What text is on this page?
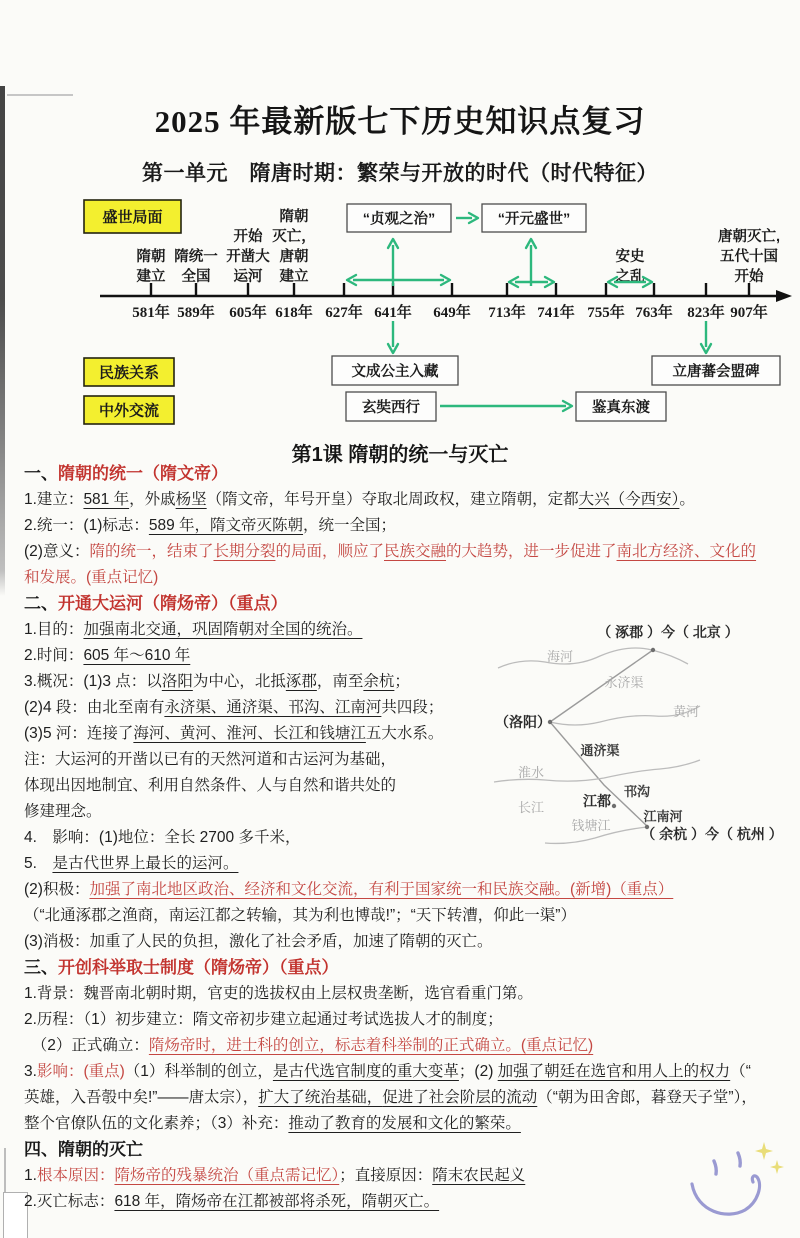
2025 年最新版七下历史知识点复习
第一单元　隋唐时期：繁荣与开放的时代（时代特征）
581年
隋朝
建立
589年
隋统一
全国
605年
开始
开凿大
运河
618年
隋朝
灭亡，
唐朝
建立
627年 641年 649年 713年 741年 755年 763年 823年 907年
安史
之乱
唐朝灭亡,
五代十国
开始
盛世局面
民族关系
中外交流
“贞观之治”	“开元盛世”
文成公主入藏	立唐蕃会盟碑
玄奘西行	鉴真东渡
第1课 隋朝的统一与灭亡
（ 涿郡 ）今（ 北京 ）
（洛阳）
江都
（ 余杭 ）今（ 杭州 ）
通济渠
邗沟
江南河
海河
永济渠
黄河
淮水
长江
钱塘江
一、隋朝的统一（隋文帝）
1.建立：581 年，外戚杨坚（隋文帝，年号开皇）夺取北周政权，建立隋朝，定都大兴（今西安）。
2.统一：(1)标志：589 年，隋文帝灭陈朝，统一全国；
(2)意义：隋的统一，结束了长期分裂的局面，顺应了民族交融的大趋势，进一步促进了南北方经济、文化的
和发展。(重点记忆)
二、开通大运河（隋炀帝）（重点）
1.目的：加强南北交通，巩固隋朝对全国的统治。
2.时间：605 年～610 年
3.概况：(1)3 点：以洛阳为中心，北抵涿郡，南至余杭；
(2)4 段：由北至南有永济渠、通济渠、邗沟、江南河共四段；
(3)5 河：连接了海河、黄河、淮河、长江和钱塘江五大水系。
注：大运河的开凿以已有的天然河道和古运河为基础，
体现出因地制宜、利用自然条件、人与自然和谐共处的
修建理念。
4.　影响：(1)地位：全长 2700 多千米，
5.　是古代世界上最长的运河。
(2)积极：加强了南北地区政治、经济和文化交流，有利于国家统一和民族交融。(新增)（重点）
（“北通涿郡之渔商，南运江都之转输，其为利也博哉!”；“天下转漕，仰此一渠”）
(3)消极：加重了人民的负担，激化了社会矛盾，加速了隋朝的灭亡。
三、开创科举取士制度（隋炀帝）（重点）
1.背景：魏晋南北朝时期，官吏的选拔权由上层权贵垄断，选官看重门第。
2.历程：（1）初步建立：隋文帝初步建立起通过考试选拔人才的制度；
　（2）正式确立：隋炀帝时，进士科的创立，标志着科举制的正式确立。(重点记忆)
3.影响：(重点)（1）科举制的创立，是古代选官制度的重大变革；(2) 加强了朝廷在选官和用人上的权力（“
英雄，入吾彀中矣!”——唐太宗），扩大了统治基础，促进了社会阶层的流动（“朝为田舍郎，暮登天子堂”），
整个官僚队伍的文化素养；（3）补充：推动了教育的发展和文化的繁荣。
四、隋朝的灭亡
1.根本原因：隋炀帝的残暴统治（重点需记忆）；直接原因：隋末农民起义
2.灭亡标志：618 年，隋炀帝在江都被部将杀死，隋朝灭亡。
